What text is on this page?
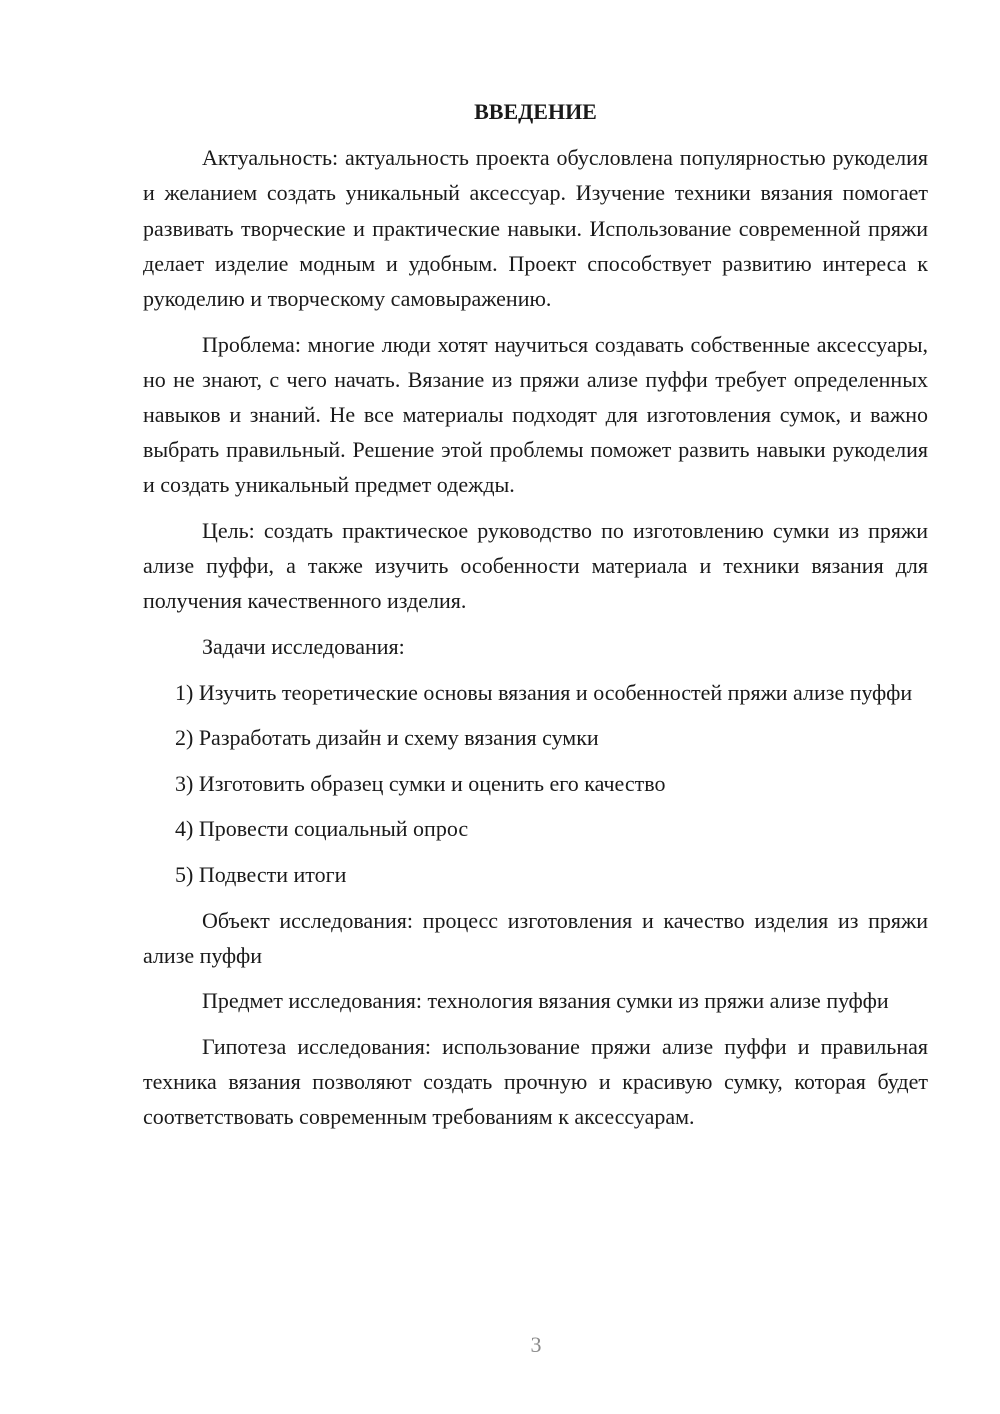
ВВЕДЕНИЕ

Актуальность: актуальность проекта обусловлена популярностью рукоделия и желанием создать уникальный аксессуар. Изучение техники вязания помогает развивать творческие и практические навыки. Использование современной пряжи делает изделие модным и удобным. Проект способствует развитию интереса к рукоделию и творческому самовыражению.

Проблема: многие люди хотят научиться создавать собственные аксессуары, но не знают, с чего начать. Вязание из пряжи ализе пуффи требует определенных навыков и знаний. Не все материалы подходят для изготовления сумок, и важно выбрать правильный. Решение этой проблемы поможет развить навыки рукоделия и создать уникальный предмет одежды.

Цель: создать практическое руководство по изготовлению сумки из пряжи ализе пуффи, а также изучить особенности материала и техники вязания для получения качественного изделия.

Задачи исследования:

1) Изучить теоретические основы вязания и особенностей пряжи ализе пуффи

2) Разработать дизайн и схему вязания сумки

3) Изготовить образец сумки и оценить его качество

4) Провести социальный опрос

5) Подвести итоги

Объект исследования: процесс изготовления и качество изделия из пряжи ализе пуффи

Предмет исследования: технология вязания сумки из пряжи ализе пуффи

Гипотеза исследования: использование пряжи ализе пуффи и правильная техника вязания позволяют создать прочную и красивую сумку, которая будет соответствовать современным требованиям к аксессуарам.

3
